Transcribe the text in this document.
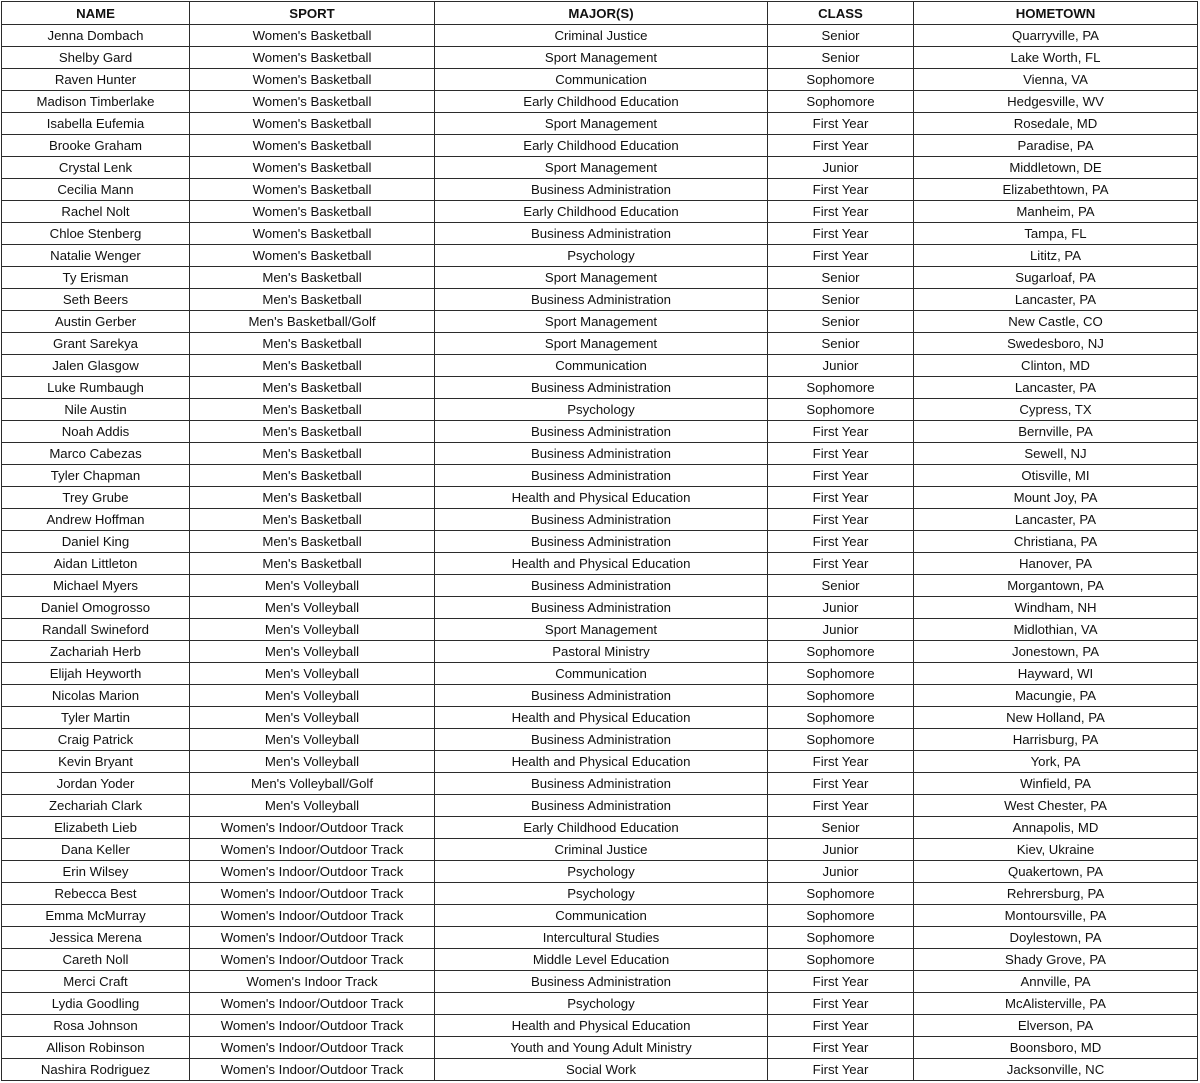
NAME	SPORT	MAJOR(S)	CLASS	HOMETOWN
Jenna Dombach	Women's Basketball	Criminal Justice	Senior	Quarryville, PA
Shelby Gard	Women's Basketball	Sport Management	Senior	Lake Worth, FL
Raven Hunter	Women's Basketball	Communication	Sophomore	Vienna, VA
Madison Timberlake	Women's Basketball	Early Childhood Education	Sophomore	Hedgesville, WV
Isabella Eufemia	Women's Basketball	Sport Management	First Year	Rosedale, MD
Brooke Graham	Women's Basketball	Early Childhood Education	First Year	Paradise, PA
Crystal Lenk	Women's Basketball	Sport Management	Junior	Middletown, DE
Cecilia Mann	Women's Basketball	Business Administration	First Year	Elizabethtown, PA
Rachel Nolt	Women's Basketball	Early Childhood Education	First Year	Manheim, PA
Chloe Stenberg	Women's Basketball	Business Administration	First Year	Tampa, FL
Natalie Wenger	Women's Basketball	Psychology	First Year	Lititz, PA
Ty Erisman	Men's Basketball	Sport Management	Senior	Sugarloaf, PA
Seth Beers	Men's Basketball	Business Administration	Senior	Lancaster, PA
Austin Gerber	Men's Basketball/Golf	Sport Management	Senior	New Castle, CO
Grant Sarekya	Men's Basketball	Sport Management	Senior	Swedesboro, NJ
Jalen Glasgow	Men's Basketball	Communication	Junior	Clinton, MD
Luke Rumbaugh	Men's Basketball	Business Administration	Sophomore	Lancaster, PA
Nile Austin	Men's Basketball	Psychology	Sophomore	Cypress, TX
Noah Addis	Men's Basketball	Business Administration	First Year	Bernville, PA
Marco Cabezas	Men's Basketball	Business Administration	First Year	Sewell, NJ
Tyler Chapman	Men's Basketball	Business Administration	First Year	Otisville, MI
Trey Grube	Men's Basketball	Health and Physical Education	First Year	Mount Joy, PA
Andrew Hoffman	Men's Basketball	Business Administration	First Year	Lancaster, PA
Daniel King	Men's Basketball	Business Administration	First Year	Christiana, PA
Aidan Littleton	Men's Basketball	Health and Physical Education	First Year	Hanover, PA
Michael Myers	Men's Volleyball	Business Administration	Senior	Morgantown, PA
Daniel Omogrosso	Men's Volleyball	Business Administration	Junior	Windham, NH
Randall Swineford	Men's Volleyball	Sport Management	Junior	Midlothian, VA
Zachariah Herb	Men's Volleyball	Pastoral Ministry	Sophomore	Jonestown, PA
Elijah Heyworth	Men's Volleyball	Communication	Sophomore	Hayward, WI
Nicolas Marion	Men's Volleyball	Business Administration	Sophomore	Macungie, PA
Tyler Martin	Men's Volleyball	Health and Physical Education	Sophomore	New Holland, PA
Craig Patrick	Men's Volleyball	Business Administration	Sophomore	Harrisburg, PA
Kevin Bryant	Men's Volleyball	Health and Physical Education	First Year	York, PA
Jordan Yoder	Men's Volleyball/Golf	Business Administration	First Year	Winfield, PA
Zechariah Clark	Men's Volleyball	Business Administration	First Year	West Chester, PA
Elizabeth Lieb	Women's Indoor/Outdoor Track	Early Childhood Education	Senior	Annapolis, MD
Dana Keller	Women's Indoor/Outdoor Track	Criminal Justice	Junior	Kiev, Ukraine
Erin Wilsey	Women's Indoor/Outdoor Track	Psychology	Junior	Quakertown, PA
Rebecca Best	Women's Indoor/Outdoor Track	Psychology	Sophomore	Rehrersburg, PA
Emma McMurray	Women's Indoor/Outdoor Track	Communication	Sophomore	Montoursville, PA
Jessica Merena	Women's Indoor/Outdoor Track	Intercultural Studies	Sophomore	Doylestown, PA
Careth Noll	Women's Indoor/Outdoor Track	Middle Level Education	Sophomore	Shady Grove, PA
Merci Craft	Women's Indoor Track	Business Administration	First Year	Annville, PA
Lydia Goodling	Women's Indoor/Outdoor Track	Psychology	First Year	McAlisterville, PA
Rosa Johnson	Women's Indoor/Outdoor Track	Health and Physical Education	First Year	Elverson, PA
Allison Robinson	Women's Indoor/Outdoor Track	Youth and Young Adult Ministry	First Year	Boonsboro, MD
Nashira Rodriguez	Women's Indoor/Outdoor Track	Social Work	First Year	Jacksonville, NC
